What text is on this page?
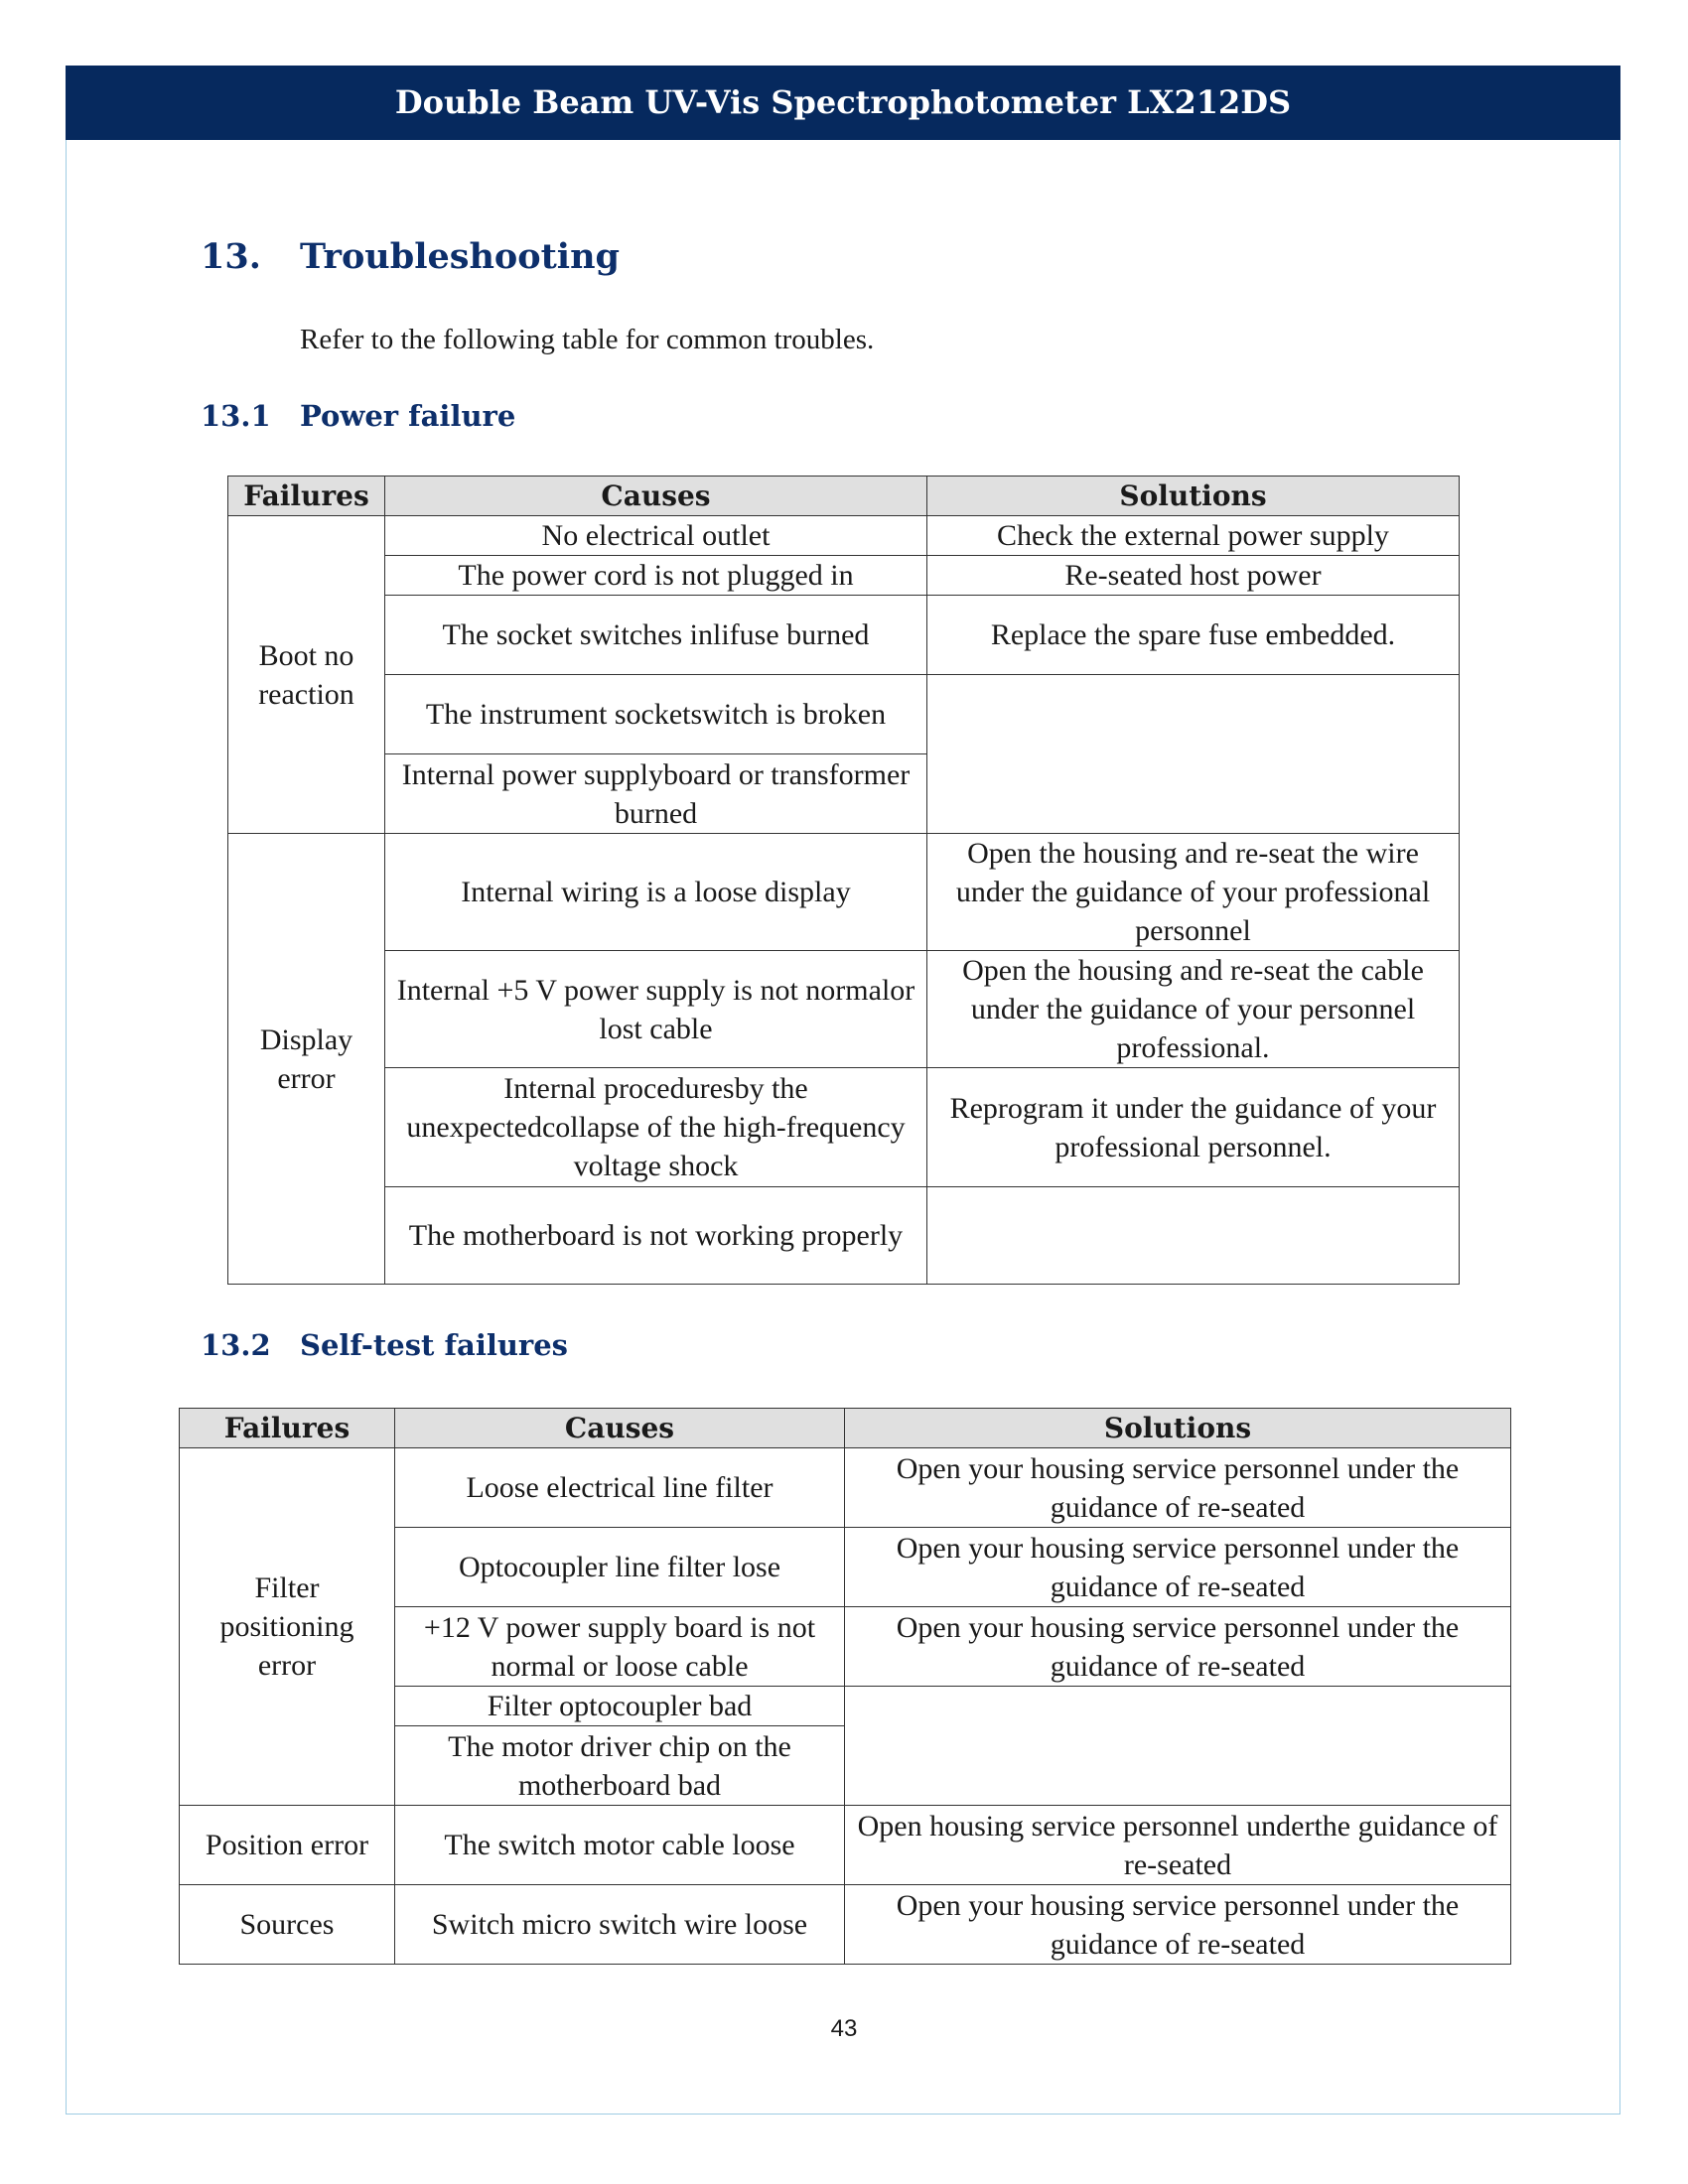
Double Beam UV-Vis Spectrophotometer LX212DS
13. Troubleshooting
Refer to the following table for common troubles.
13.1 Power failure
Failures	Causes	Solutions
Boot no reaction	No electrical outlet	Check the external power supply
	The power cord is not plugged in	Re-seated host power
	The socket switches inlifuse burned	Replace the spare fuse embedded.
	The instrument socketswitch is broken	
	Internal power supplyboard or transformer burned	
Display error	Internal wiring is a loose display	Open the housing and re-seat the wire under the guidance of your professional personnel
	Internal +5 V power supply is not normalor lost cable	Open the housing and re-seat the cable under the guidance of your personnel professional.
	Internal proceduresby the unexpectedcollapse of the high-frequency voltage shock	Reprogram it under the guidance of your professional personnel.
	The motherboard is not working properly	
13.2 Self-test failures
Failures	Causes	Solutions
Filter positioning error	Loose electrical line filter	Open your housing service personnel under the guidance of re-seated
	Optocoupler line filter lose	Open your housing service personnel under the guidance of re-seated
	+12 V power supply board is not normal or loose cable	Open your housing service personnel under the guidance of re-seated
	Filter optocoupler bad	
	The motor driver chip on the motherboard bad	
Position error	The switch motor cable loose	Open housing service personnel underthe guidance of re-seated
Sources	Switch micro switch wire loose	Open your housing service personnel under the guidance of re-seated
43
